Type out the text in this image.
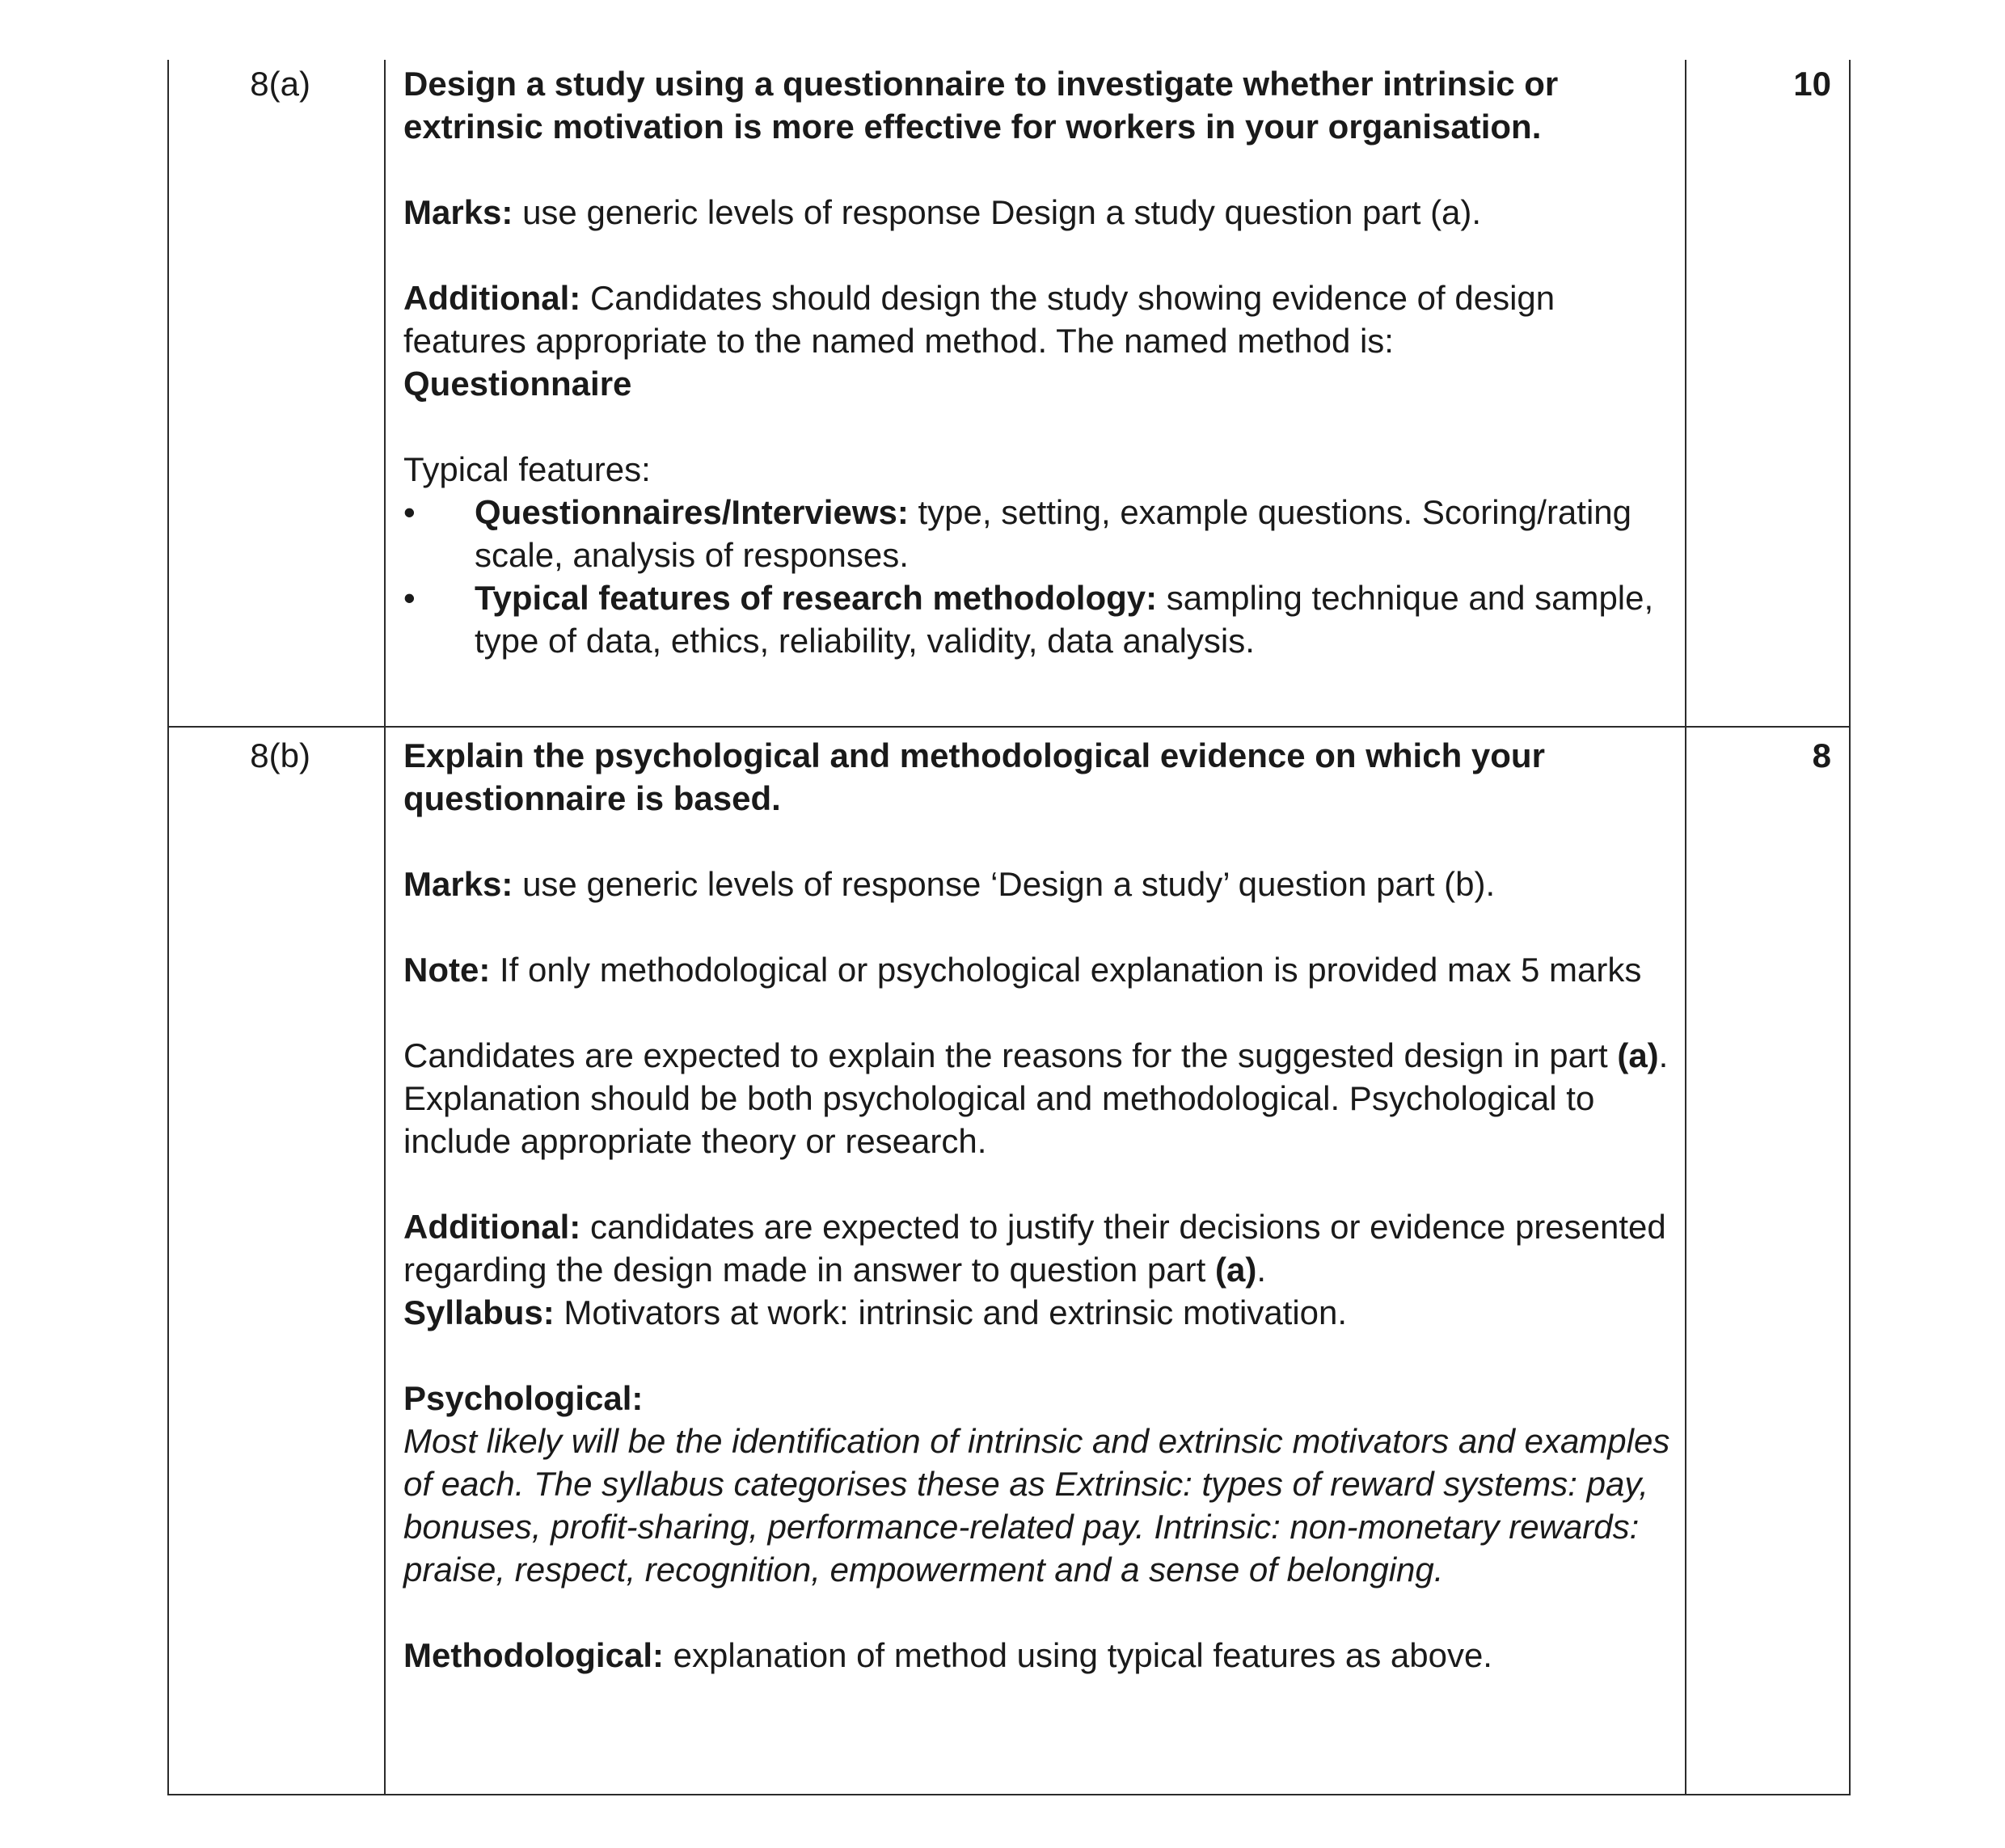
8(a)	Design a study using a questionnaire to investigate whether intrinsic or extrinsic motivation is more effective for workers in your organisation.

Marks: use generic levels of response Design a study question part (a).

Additional: Candidates should design the study showing evidence of design features appropriate to the named method. The named method is:
Questionnaire

Typical features:

• Questionnaires/Interviews: type, setting, example questions. Scoring/rating scale, analysis of responses.
• Typical features of research methodology: sampling technique and sample, type of data, ethics, reliability, validity, data analysis.
10
8(b)	Explain the psychological and methodological evidence on which your questionnaire is based.

Marks: use generic levels of response ‘Design a study’ question part (b).

Note: If only methodological or psychological explanation is provided max 5 marks

Candidates are expected to explain the reasons for the suggested design in part (a). Explanation should be both psychological and methodological. Psychological to include appropriate theory or research.

Additional: candidates are expected to justify their decisions or evidence presented regarding the design made in answer to question part (a).

Syllabus: Motivators at work: intrinsic and extrinsic motivation.

Psychological:

Most likely will be the identification of intrinsic and extrinsic motivators and examples of each. The syllabus categorises these as Extrinsic: types of reward systems: pay, bonuses, profit-sharing, performance-related pay. Intrinsic: non-monetary rewards: praise, respect, recognition, empowerment and a sense of belonging.

Methodological: explanation of method using typical features as above.

8
